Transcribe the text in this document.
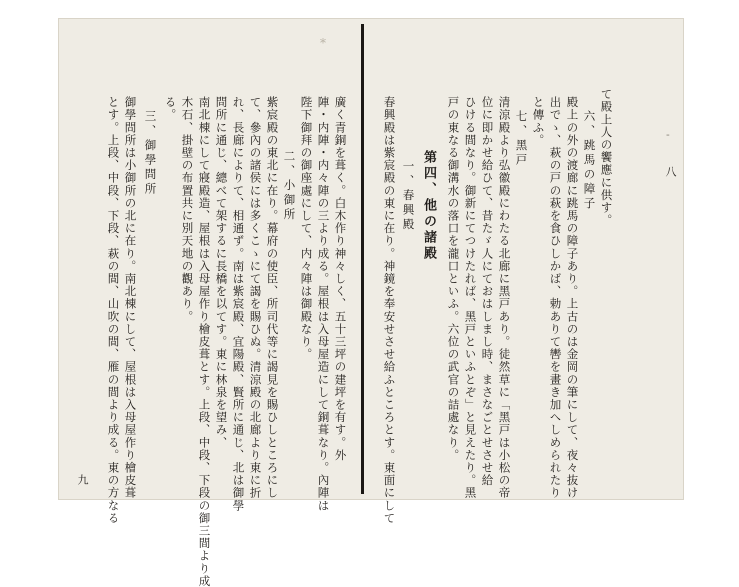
八
-
て殿上人の饗應に供す。
六、跳馬の障子
殿上の外の渡廊に跳馬の障子あり。上古のは金岡の筆にして、夜々抜け
出でゝ、萩の戸の萩を食ひしかば、勅ありて轡を畫き加へしめられたり
と傳ふ。
七、黑戸
清涼殿より弘徽殿にわたる北廊に黑戸あり。徒然草に「黑戸は小松の帝
位に即かせ給ひて、昔たゞ人にておはしまし時、まさなごとせさせ給
ひける間なり。御新にてつけたれば、黑戸といふとぞ」と見えたり。黑
戸の東なる御溝水の落口を瀧口といふ。六位の武官の詰處なり。
第四、他の諸殿
一、春興殿
春興殿は紫宸殿の東に在り。神鏡を奉安せさせ給ふところとす。東面にして
廣く青銅を葺く。白木作り神々しく、五十三坪の建坪を有す。外
陣・内陣・内々陣の三より成る。屋根は入母屋造にして銅葺なり。內陣は
陛下御拜の御座處にして、内々陣は御殿なり。
二、小御所
紫宸殿の東北に在り。幕府の使臣、所司代等に謁見を賜ひしところにし
て、參內の諸侯には多くこゝにて謁を賜ひぬ。清涼殿の北廊より東に折
れ、長廊によりて、相通ず。南は紫宸殿、宜陽殿、賢所に通じ、北は御學
問所に通じ、總べて架するに長橋を以てす。東に林泉を望み、
南北棟にして寢殿造、屋根は入母屋作り檜皮葺とす。上段、中段、下段の御三間より成
木石、掛壁の布置共に別天地の觀あり。
る。
三、御學問所
御學問所は小御所の北に在り。南北棟にして、屋根は入母屋作り檜皮葺
とす。上段、中段、下段、萩の間、山吹の間、雁の間より成る。東の方なる
九
*
